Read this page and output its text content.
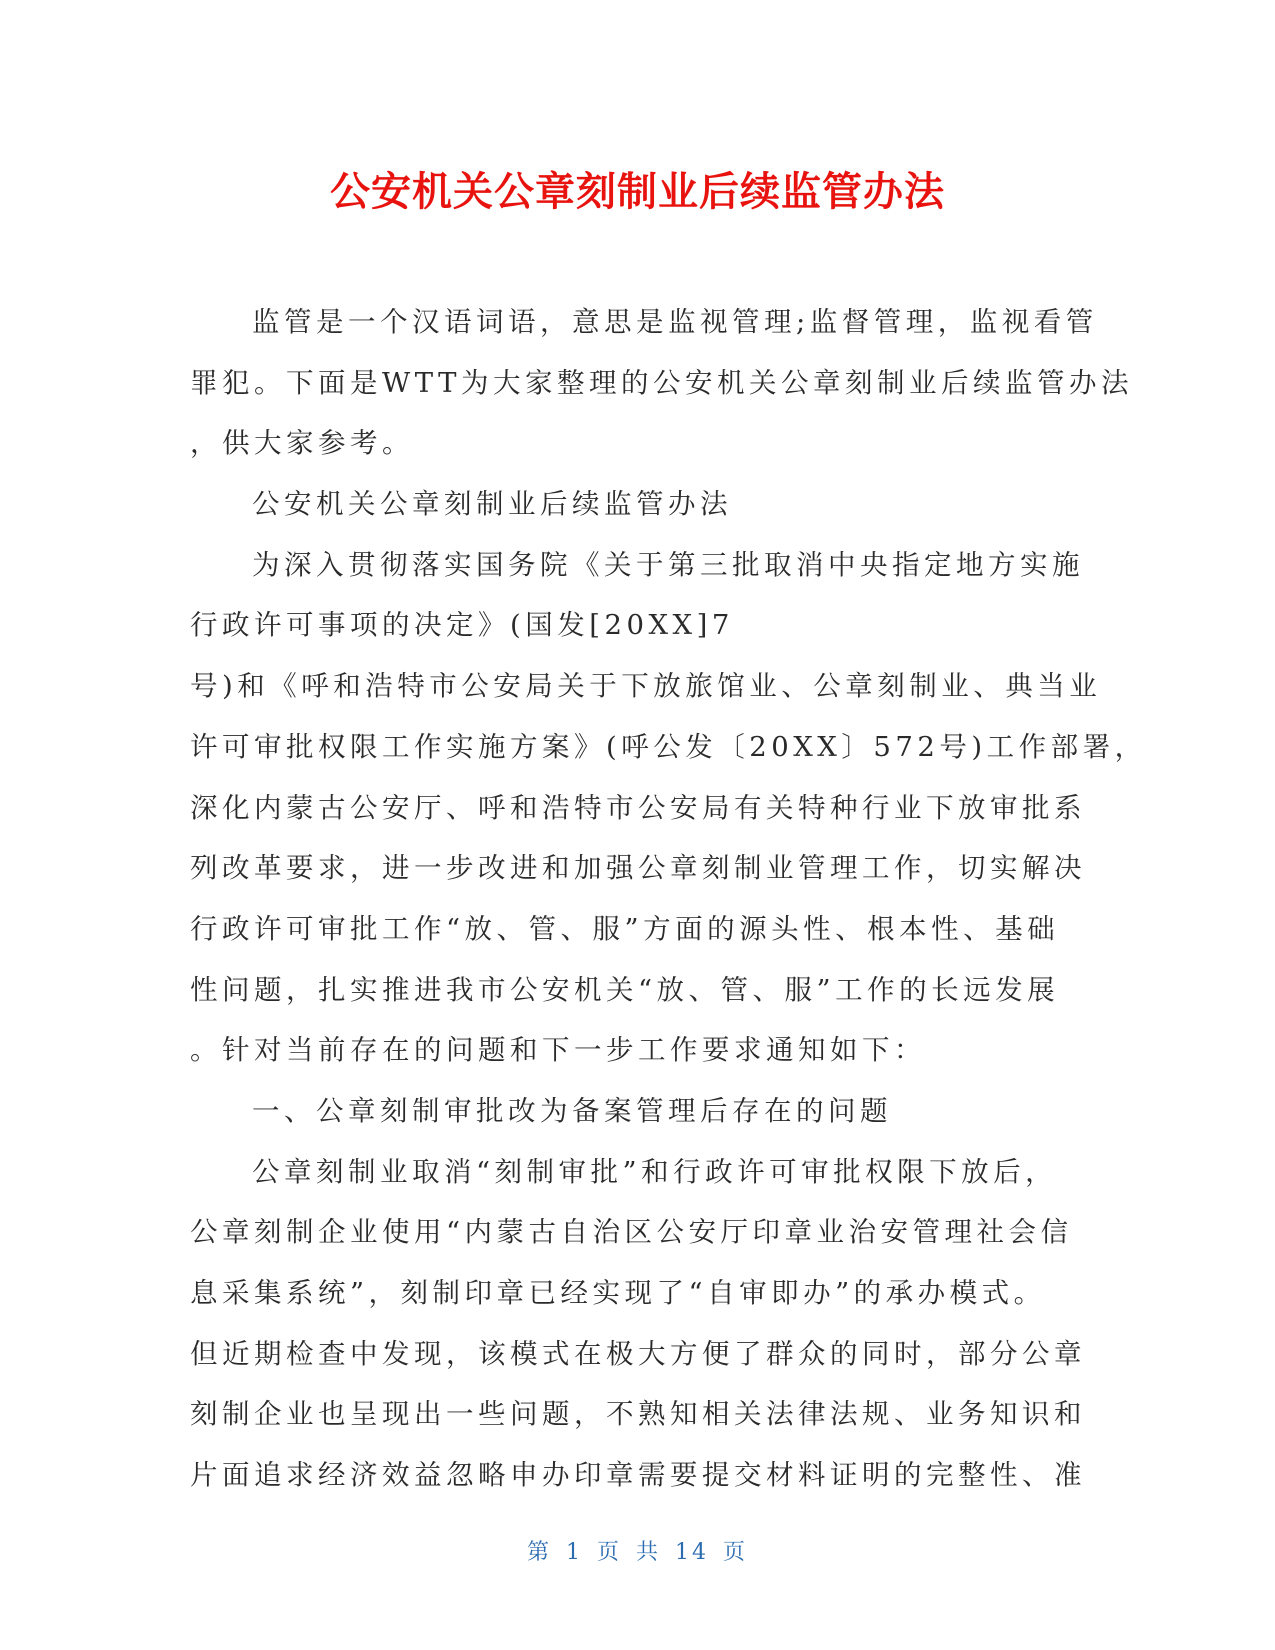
公安机关公章刻制业后续监管办法
监管是一个汉语词语，意思是监视管理;监督管理，监视看管
罪犯。下面是WTT为大家整理的公安机关公章刻制业后续监管办法
，供大家参考。
公安机关公章刻制业后续监管办法
为深入贯彻落实国务院《关于第三批取消中央指定地方实施
行政许可事项的决定》(国发[20XX]7
号)和《呼和浩特市公安局关于下放旅馆业、公章刻制业、典当业
许可审批权限工作实施方案》(呼公发〔20XX〕572号)工作部署，
深化内蒙古公安厅、呼和浩特市公安局有关特种行业下放审批系
列改革要求，进一步改进和加强公章刻制业管理工作，切实解决
行政许可审批工作“放、管、服”方面的源头性、根本性、基础
性问题，扎实推进我市公安机关“放、管、服”工作的长远发展
。针对当前存在的问题和下一步工作要求通知如下：
一、公章刻制审批改为备案管理后存在的问题
公章刻制业取消“刻制审批”和行政许可审批权限下放后，
公章刻制企业使用“内蒙古自治区公安厅印章业治安管理社会信
息采集系统”，刻制印章已经实现了“自审即办”的承办模式。
但近期检查中发现，该模式在极大方便了群众的同时，部分公章
刻制企业也呈现出一些问题，不熟知相关法律法规、业务知识和
片面追求经济效益忽略申办印章需要提交材料证明的完整性、准
第 1 页 共 14 页
